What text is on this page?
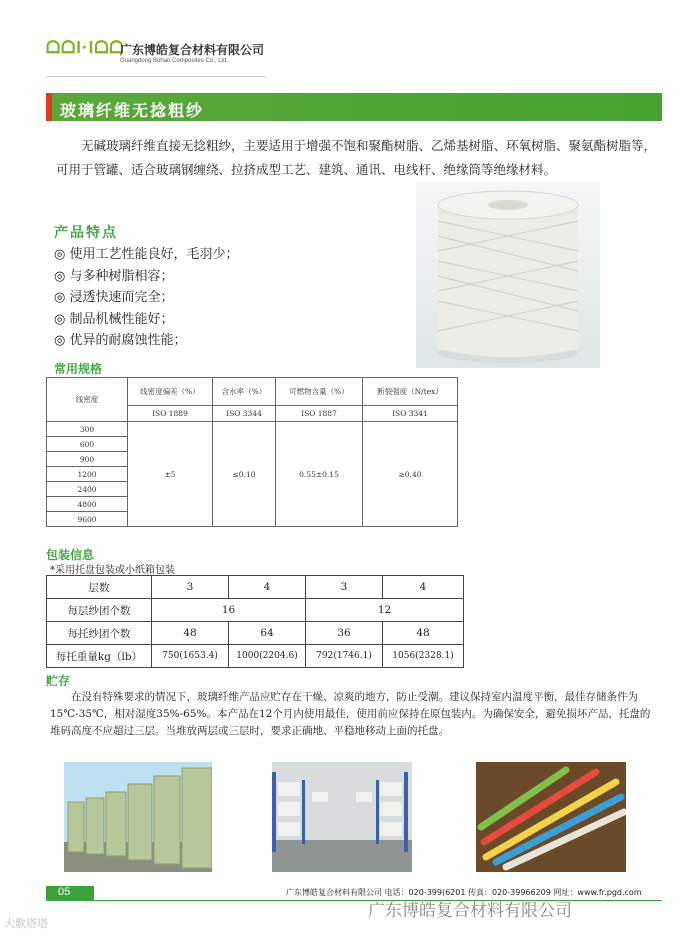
ᗝᗝl·lᗝᗝ
广东博皓复合材料有限公司
Guangdong Bohao Composites Co., Ltd.
玻璃纤维无捻粗纱
无碱玻璃纤维直接无捻粗纱，主要适用于增强不饱和聚酯树脂、乙烯基树脂、环氧树脂、聚氨酯树脂等，可用于管罐、适合玻璃钢缠绕、拉挤成型工艺、建筑、通讯、电线杆、绝缘筒等绝缘材料。
产品特点
◎ 使用工艺性能良好，毛羽少；
◎ 与多种树脂相容；
◎ 浸透快速而完全；
◎ 制品机械性能好；
◎ 优异的耐腐蚀性能；
常用规格
线密度	线密度偏差（%）	含水率（%）	可燃物含量（%）	断裂强度（N/tex）
	ISO 1889	ISO 3344	ISO 1887	ISO 3341
300	±5	≤0.10	0.55±0.15	≥0.40
600				
900				
1200				
2400				
4800				
9600				
包装信息
*采用托盘包装或小纸箱包装
层数	3	4	3	4
每层纱团个数	16		12	
每托纱团个数	48	64	36	48
每托重量kg（lb）	750(1653.4)	1000(2204.6)	792(1746.1)	1056(2328.1)
贮存
在没有特殊要求的情况下，玻璃纤维产品应贮存在干燥、凉爽的地方，防止受潮。建议保持室内温度平衡，最佳存储条件为15℃-35℃，相对湿度35%-65%。本产品在12个月内使用最佳，使用前应保持在原包装内。为确保安全，避免损坏产品，托盘的堆码高度不应超过三层。当堆放两层或三层时，要求正确地、平稳地移动上面的托盘。
05	广东博皓复合材料有限公司 电话：020-399(6201 传真：020-39966209 网址：www.fr.pgd.com
大歌塔塔
广东博皓复合材料有限公司
